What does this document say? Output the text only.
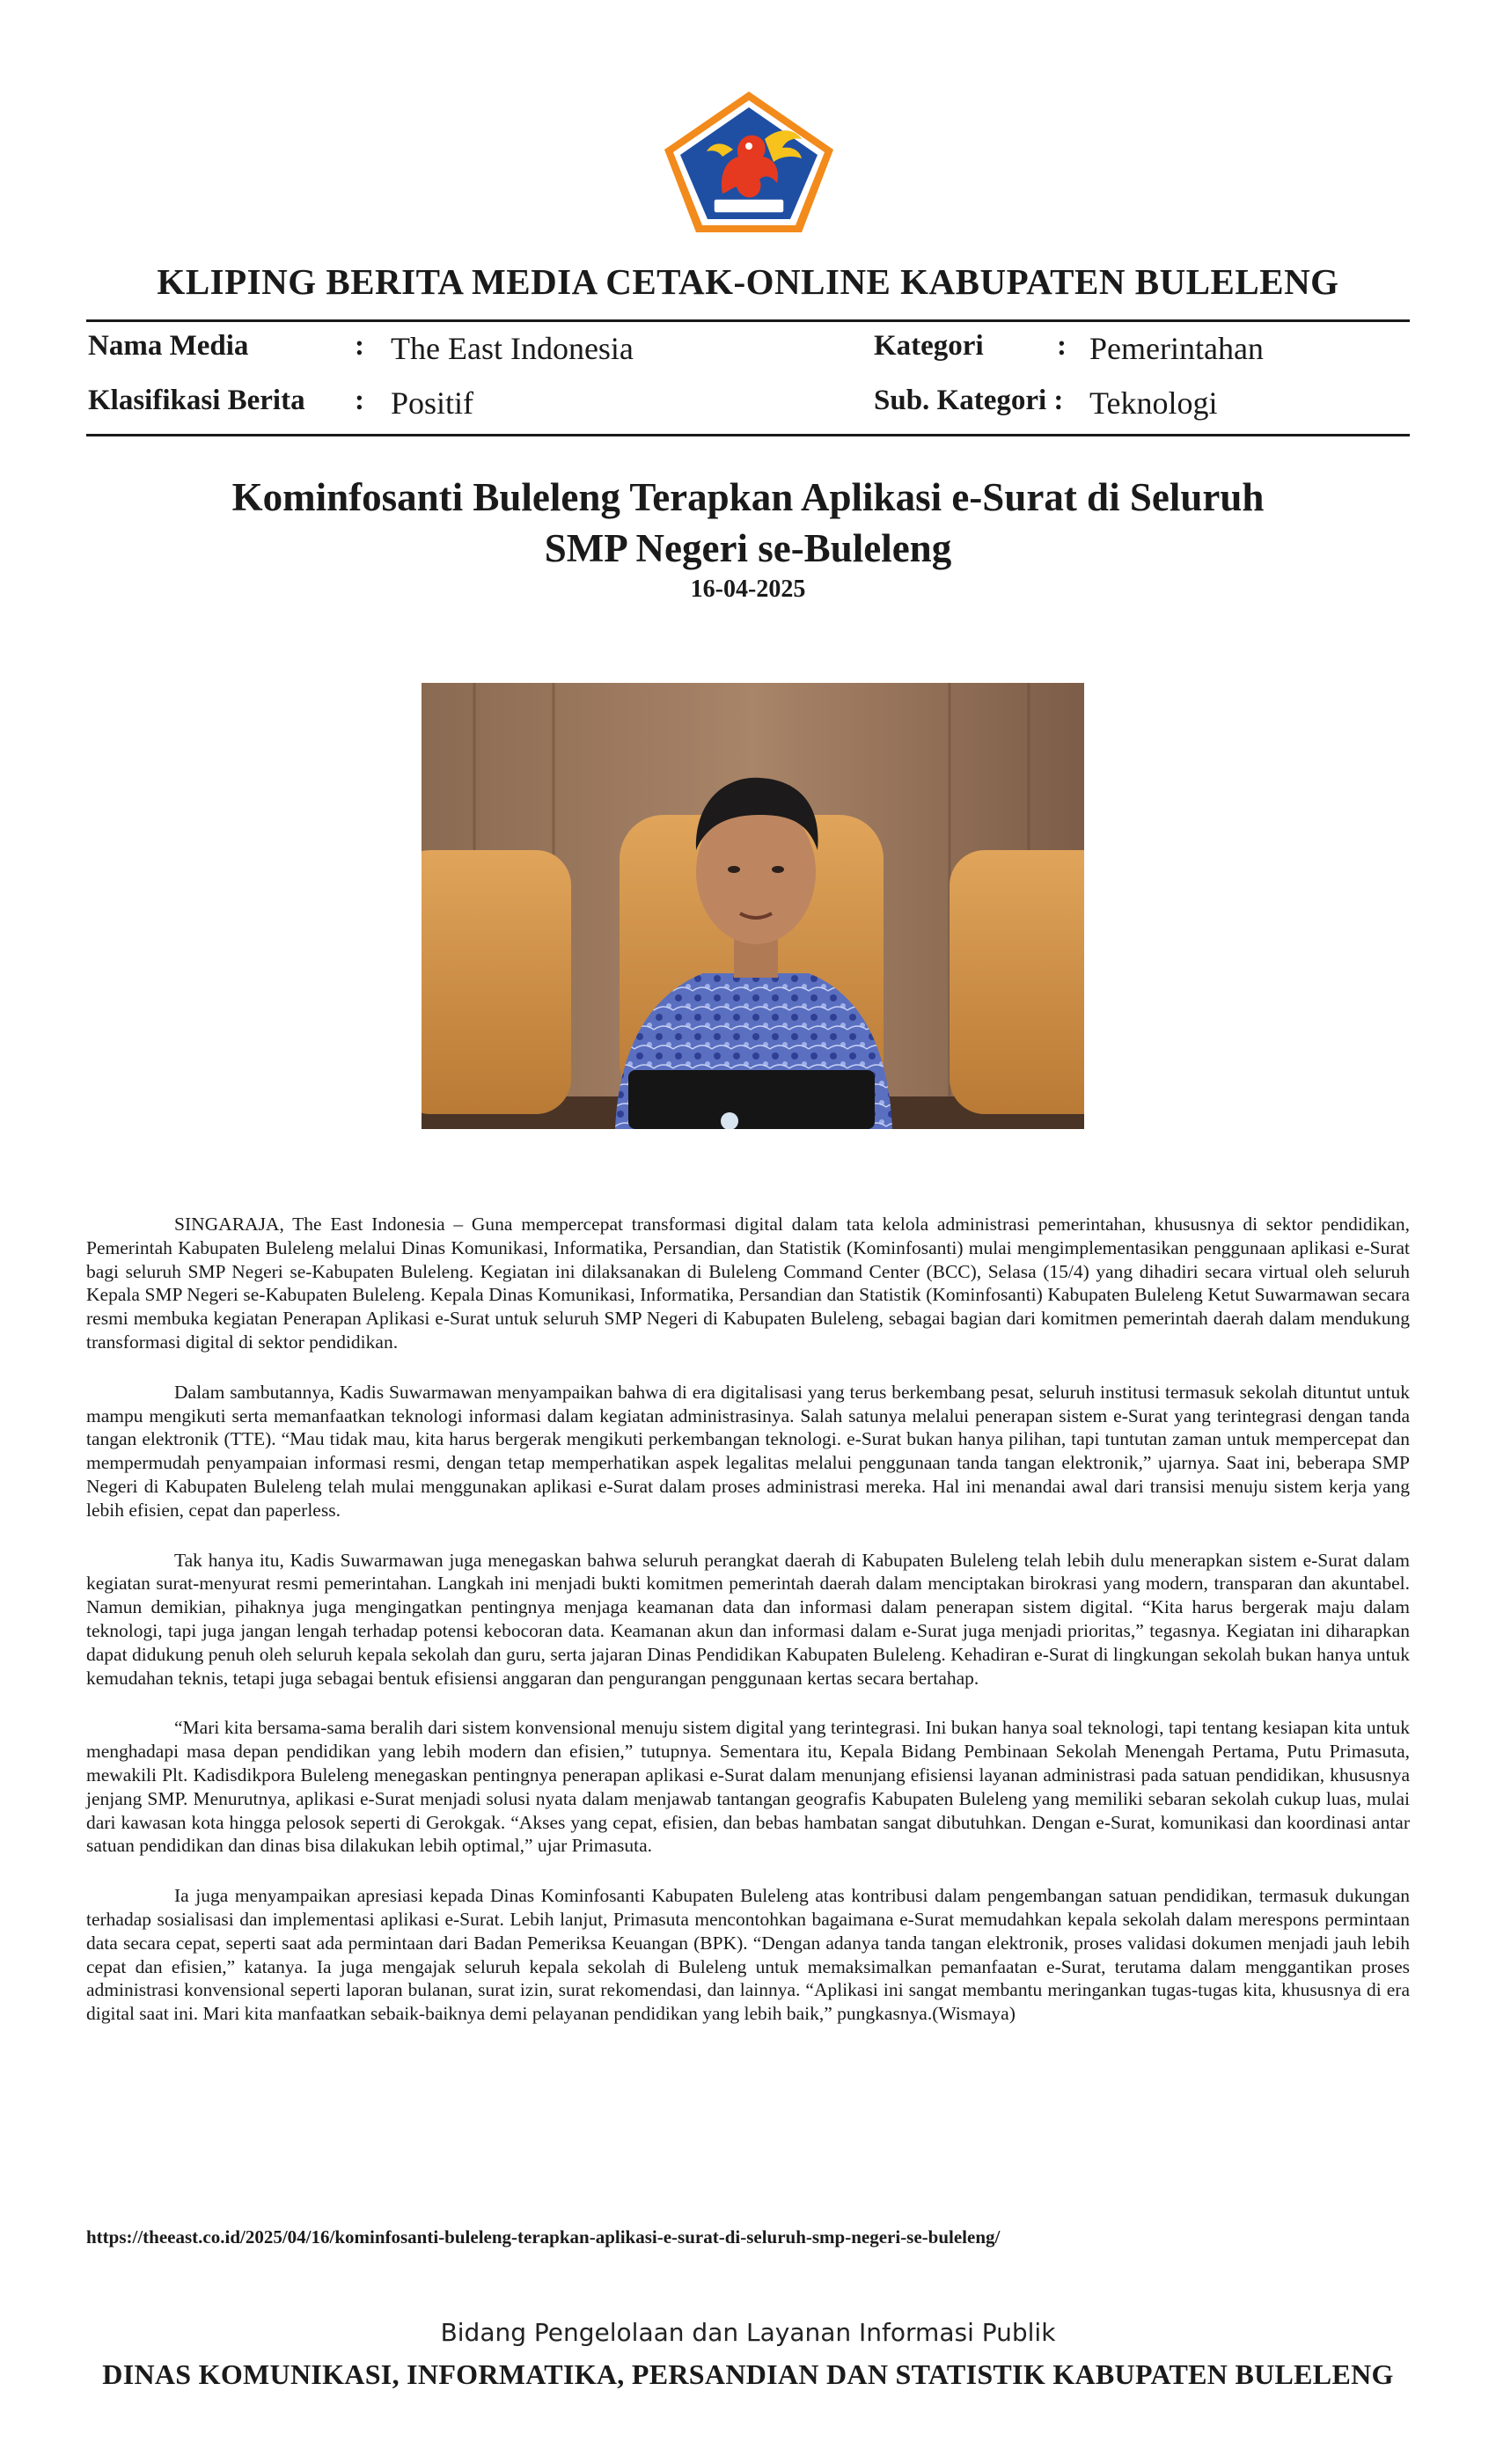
KLIPING BERITA MEDIA CETAK-ONLINE KABUPATEN BULELENG
Nama Media	: The East Indonesia	Kategori	: Pemerintahan
Klasifikasi Berita : Positif	Sub. Kategori : Teknologi
Kominfosanti Buleleng Terapkan Aplikasi e-Surat di Seluruh
SMP Negeri se-Buleleng
16-04-2025

SINGARAJA, The East Indonesia – Guna mempercepat transformasi digital dalam tata kelola administrasi pemerintahan, khususnya di sektor pendidikan, Pemerintah Kabupaten Buleleng melalui Dinas Komunikasi, Informatika, Persandian, dan Statistik (Kominfosanti) mulai mengimplementasikan penggunaan aplikasi e-Surat bagi seluruh SMP Negeri se-Kabupaten Buleleng. Kegiatan ini dilaksanakan di Buleleng Command Center (BCC), Selasa (15/4) yang dihadiri secara virtual oleh seluruh Kepala SMP Negeri se-Kabupaten Buleleng. Kepala Dinas Komunikasi, Informatika, Persandian dan Statistik (Kominfosanti) Kabupaten Buleleng Ketut Suwarmawan secara resmi membuka kegiatan Penerapan Aplikasi e-Surat untuk seluruh SMP Negeri di Kabupaten Buleleng, sebagai bagian dari komitmen pemerintah daerah dalam mendukung transformasi digital di sektor pendidikan.

Dalam sambutannya, Kadis Suwarmawan menyampaikan bahwa di era digitalisasi yang terus berkembang pesat, seluruh institusi termasuk sekolah dituntut untuk mampu mengikuti serta memanfaatkan teknologi informasi dalam kegiatan administrasinya. Salah satunya melalui penerapan sistem e-Surat yang terintegrasi dengan tanda tangan elektronik (TTE). “Mau tidak mau, kita harus bergerak mengikuti perkembangan teknologi. e-Surat bukan hanya pilihan, tapi tuntutan zaman untuk mempercepat dan mempermudah penyampaian informasi resmi, dengan tetap memperhatikan aspek legalitas melalui penggunaan tanda tangan elektronik,” ujarnya. Saat ini, beberapa SMP Negeri di Kabupaten Buleleng telah mulai menggunakan aplikasi e-Surat dalam proses administrasi mereka. Hal ini menandai awal dari transisi menuju sistem kerja yang lebih efisien, cepat dan paperless.

Tak hanya itu, Kadis Suwarmawan juga menegaskan bahwa seluruh perangkat daerah di Kabupaten Buleleng telah lebih dulu menerapkan sistem e-Surat dalam kegiatan surat-menyurat resmi pemerintahan. Langkah ini menjadi bukti komitmen pemerintah daerah dalam menciptakan birokrasi yang modern, transparan dan akuntabel. Namun demikian, pihaknya juga mengingatkan pentingnya menjaga keamanan data dan informasi dalam penerapan sistem digital. “Kita harus bergerak maju dalam teknologi, tapi juga jangan lengah terhadap potensi kebocoran data. Keamanan akun dan informasi dalam e-Surat juga menjadi prioritas,” tegasnya. Kegiatan ini diharapkan dapat didukung penuh oleh seluruh kepala sekolah dan guru, serta jajaran Dinas Pendidikan Kabupaten Buleleng. Kehadiran e-Surat di lingkungan sekolah bukan hanya untuk kemudahan teknis, tetapi juga sebagai bentuk efisiensi anggaran dan pengurangan penggunaan kertas secara bertahap.

“Mari kita bersama-sama beralih dari sistem konvensional menuju sistem digital yang terintegrasi. Ini bukan hanya soal teknologi, tapi tentang kesiapan kita untuk menghadapi masa depan pendidikan yang lebih modern dan efisien,” tutupnya. Sementara itu, Kepala Bidang Pembinaan Sekolah Menengah Pertama, Putu Primasuta, mewakili Plt. Kadisdikpora Buleleng menegaskan pentingnya penerapan aplikasi e-Surat dalam menunjang efisiensi layanan administrasi pada satuan pendidikan, khususnya jenjang SMP. Menurutnya, aplikasi e-Surat menjadi solusi nyata dalam menjawab tantangan geografis Kabupaten Buleleng yang memiliki sebaran sekolah cukup luas, mulai dari kawasan kota hingga pelosok seperti di Gerokgak. “Akses yang cepat, efisien, dan bebas hambatan sangat dibutuhkan. Dengan e-Surat, komunikasi dan koordinasi antar satuan pendidikan dan dinas bisa dilakukan lebih optimal,” ujar Primasuta.

Ia juga menyampaikan apresiasi kepada Dinas Kominfosanti Kabupaten Buleleng atas kontribusi dalam pengembangan satuan pendidikan, termasuk dukungan terhadap sosialisasi dan implementasi aplikasi e-Surat. Lebih lanjut, Primasuta mencontohkan bagaimana e-Surat memudahkan kepala sekolah dalam merespons permintaan data secara cepat, seperti saat ada permintaan dari Badan Pemeriksa Keuangan (BPK). “Dengan adanya tanda tangan elektronik, proses validasi dokumen menjadi jauh lebih cepat dan efisien,” katanya. Ia juga mengajak seluruh kepala sekolah di Buleleng untuk memaksimalkan pemanfaatan e-Surat, terutama dalam menggantikan proses administrasi konvensional seperti laporan bulanan, surat izin, surat rekomendasi, dan lainnya. “Aplikasi ini sangat membantu meringankan tugas-tugas kita, khususnya di era digital saat ini. Mari kita manfaatkan sebaik-baiknya demi pelayanan pendidikan yang lebih baik,” pungkasnya.(Wismaya)

https://theeast.co.id/2025/04/16/kominfosanti-buleleng-terapkan-aplikasi-e-surat-di-seluruh-smp-negeri-se-buleleng/
Bidang Pengelolaan dan Layanan Informasi Publik
DINAS KOMUNIKASI, INFORMATIKA, PERSANDIAN DAN STATISTIK KABUPATEN BULELENG
